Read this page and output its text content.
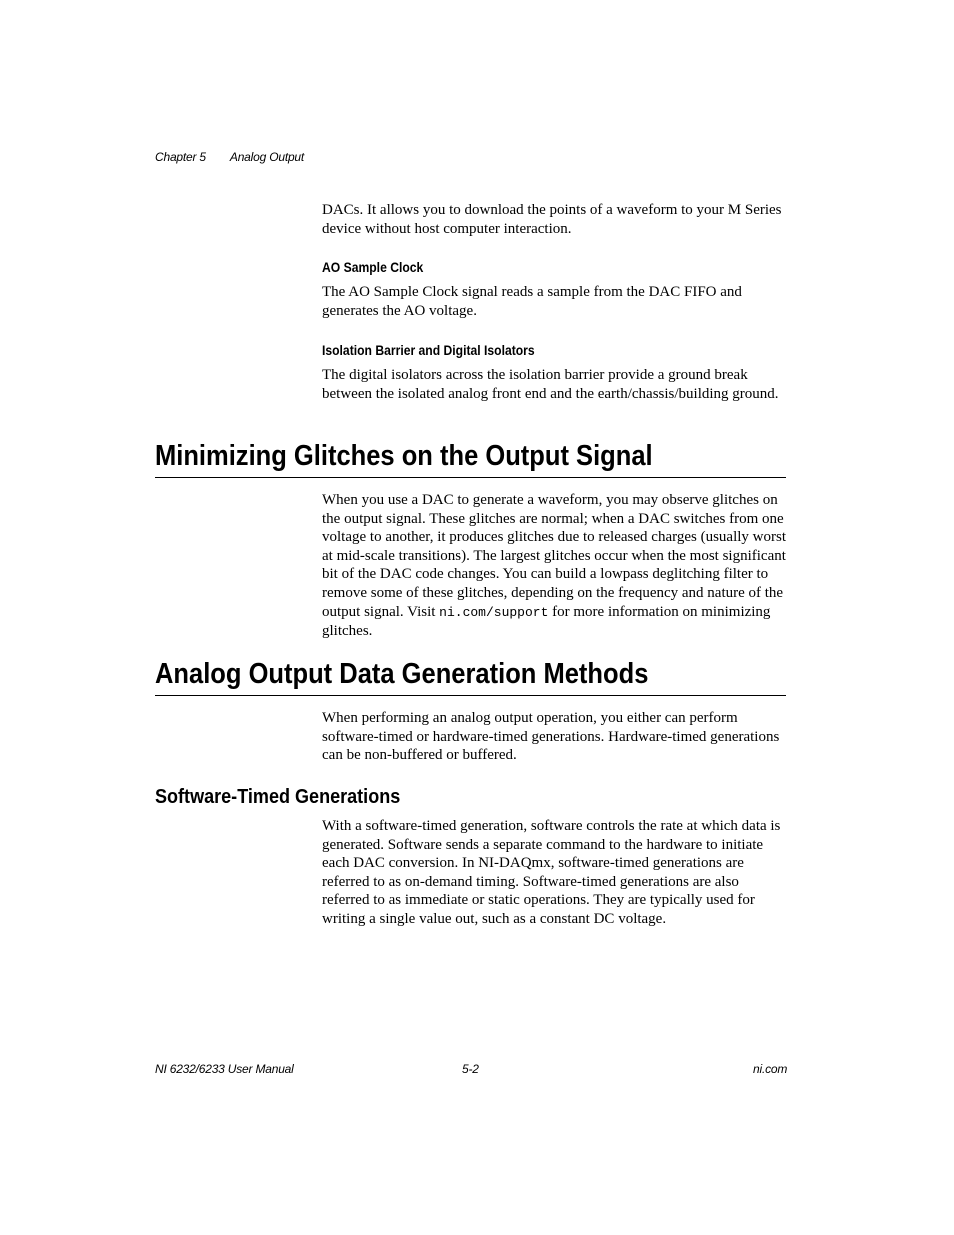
Chapter 5 Analog Output

DACs. It allows you to download the points of a waveform to your M Series device without host computer interaction.

AO Sample Clock

The AO Sample Clock signal reads a sample from the DAC FIFO and generates the AO voltage.

Isolation Barrier and Digital Isolators

The digital isolators across the isolation barrier provide a ground break between the isolated analog front end and the earth/chassis/building ground.

Minimizing Glitches on the Output Signal

When you use a DAC to generate a waveform, you may observe glitches on the output signal. These glitches are normal; when a DAC switches from one voltage to another, it produces glitches due to released charges (usually worst at mid-scale transitions). The largest glitches occur when the most significant bit of the DAC code changes. You can build a lowpass deglitching filter to remove some of these glitches, depending on the frequency and nature of the output signal. Visit ni.com/support for more information on minimizing glitches.

Analog Output Data Generation Methods

When performing an analog output operation, you either can perform software-timed or hardware-timed generations. Hardware-timed generations can be non-buffered or buffered.

Software-Timed Generations

With a software-timed generation, software controls the rate at which data is generated. Software sends a separate command to the hardware to initiate each DAC conversion. In NI-DAQmx, software-timed generations are referred to as on-demand timing. Software-timed generations are also referred to as immediate or static operations. They are typically used for writing a single value out, such as a constant DC voltage.

NI 6232/6233 User Manual	5-2	ni.com
